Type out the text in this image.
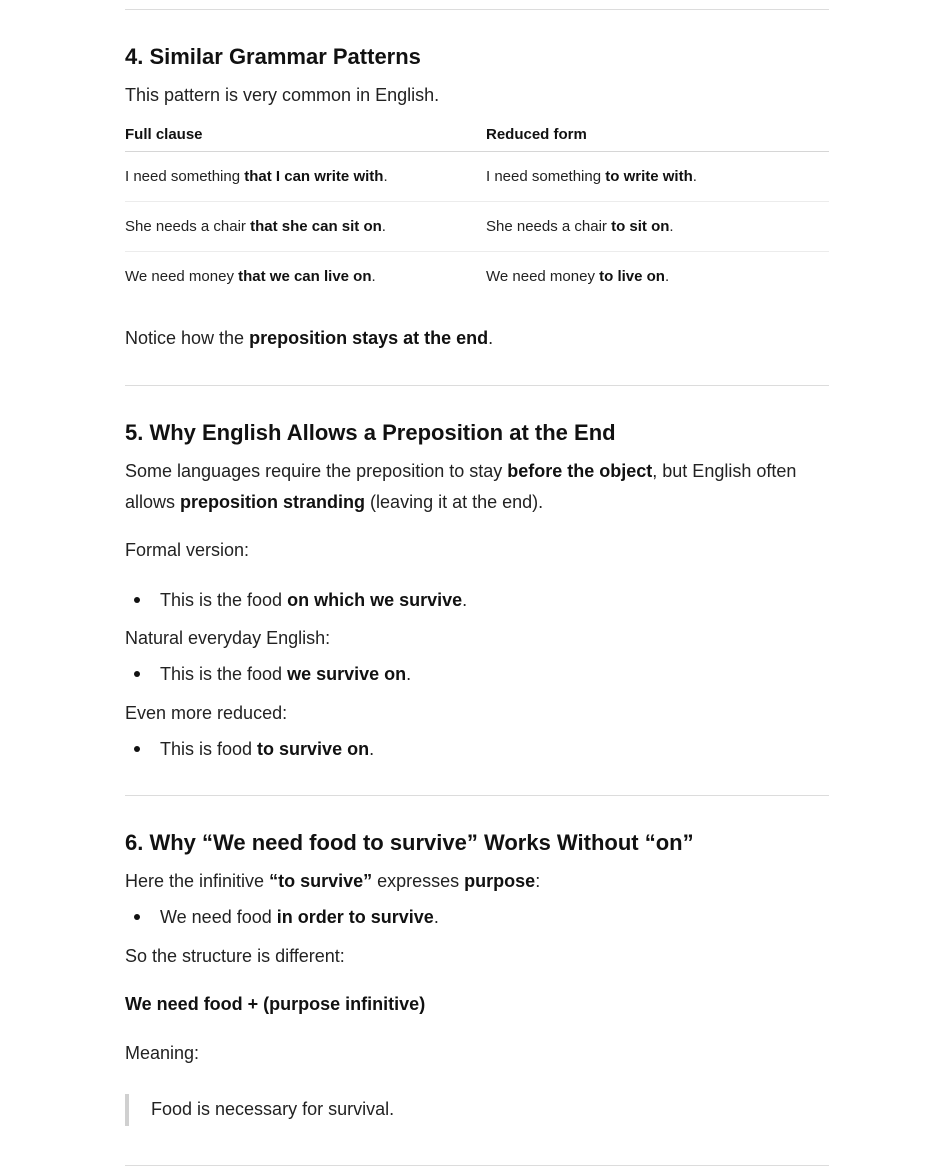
4. Similar Grammar Patterns

This pattern is very common in English.

Full clause	Reduced form
I need something that I can write with.	I need something to write with.
She needs a chair that she can sit on.	She needs a chair to sit on.
We need money that we can live on.	We need money to live on.

Notice how the preposition stays at the end.

5. Why English Allows a Preposition at the End

Some languages require the preposition to stay before the object, but English often

allows preposition stranding (leaving it at the end).

Formal version:

This is the food on which we survive.

Natural everyday English:

This is the food we survive on.

Even more reduced:

This is food to survive on.
6. Why “We need food to survive” Works Without “on”

Here the infinitive “to survive” expresses purpose:

We need food in order to survive.

So the structure is different:

We need food + (purpose infinitive)

Meaning:

Food is necessary for survival.
